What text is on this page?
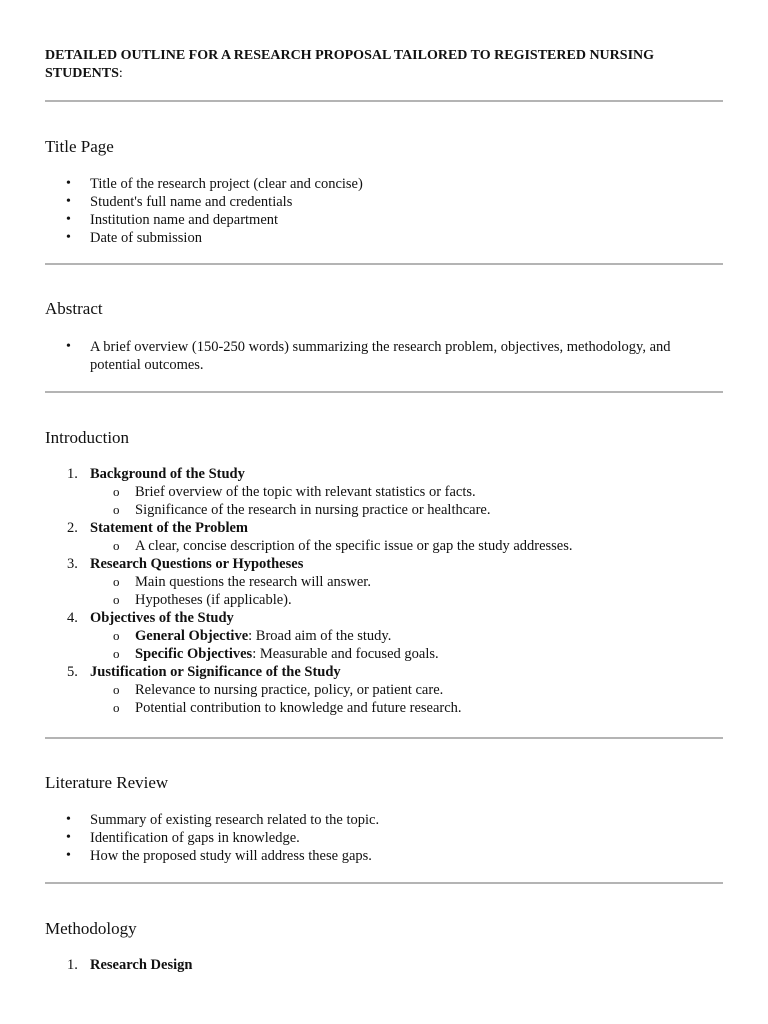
DETAILED OUTLINE FOR A RESEARCH PROPOSAL TAILORED TO REGISTERED NURSING STUDENTS:

Title Page
• Title of the research project (clear and concise)
• Student's full name and credentials
• Institution name and department
• Date of submission
Abstract
• A brief overview (150-250 words) summarizing the research problem, objectives, methodology, and potential outcomes.
Introduction
1. Background of the Study
o Brief overview of the topic with relevant statistics or facts.
o Significance of the research in nursing practice or healthcare.
2. Statement of the Problem
o A clear, concise description of the specific issue or gap the study addresses.
3. Research Questions or Hypotheses
o Main questions the research will answer.
o Hypotheses (if applicable).
4. Objectives of the Study
o General Objective: Broad aim of the study.
o Specific Objectives: Measurable and focused goals.
5. Justification or Significance of the Study
o Relevance to nursing practice, policy, or patient care.
o Potential contribution to knowledge and future research.
Literature Review
• Summary of existing research related to the topic.
• Identification of gaps in knowledge.
• How the proposed study will address these gaps.
Methodology
1. Research Design
